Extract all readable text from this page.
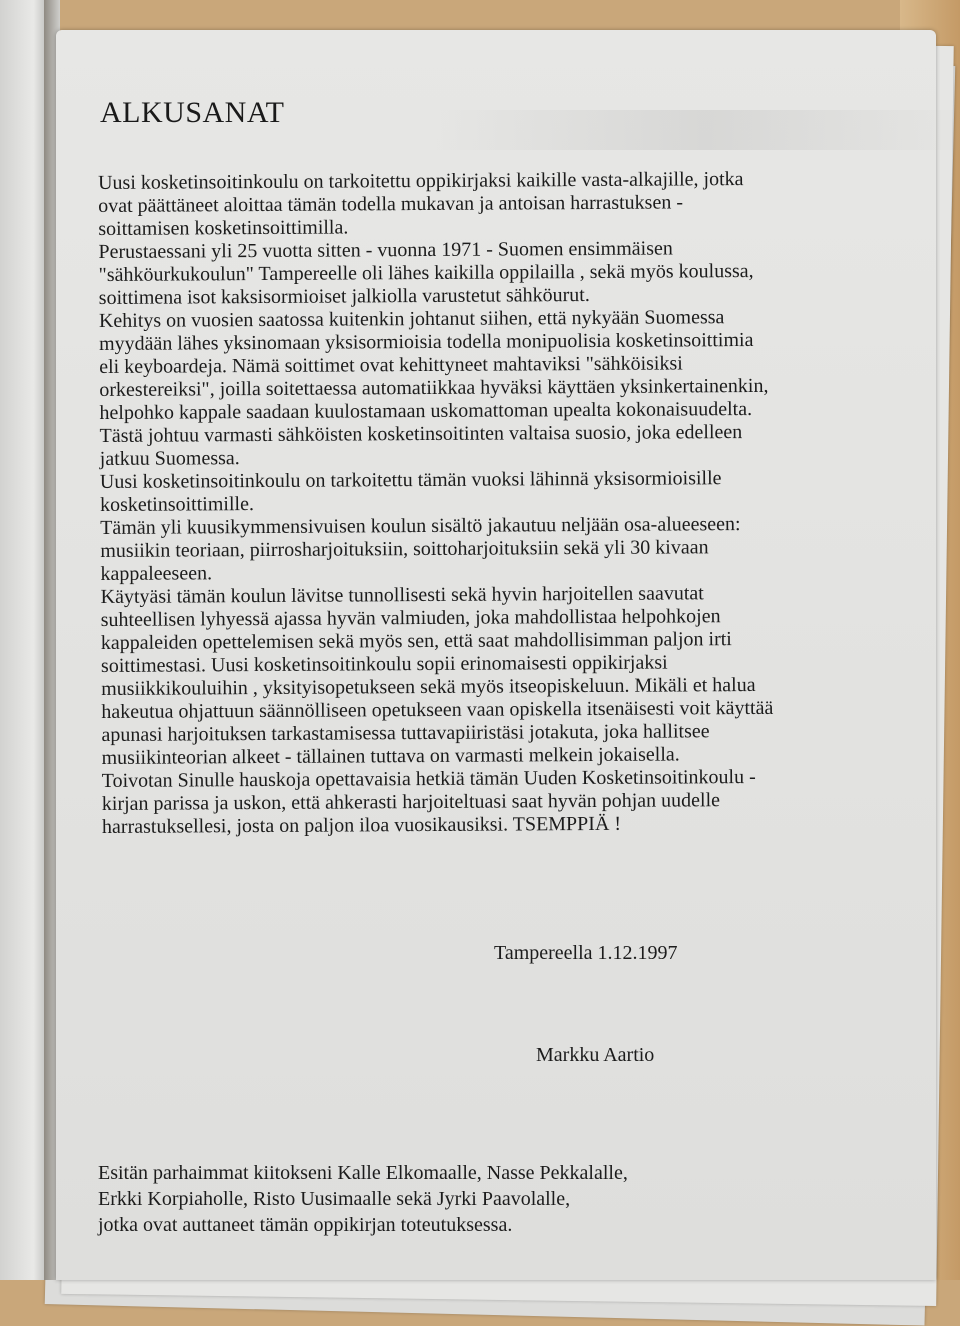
ALKUSANAT
Uusi kosketinsoitinkoulu on tarkoitettu oppikirjaksi kaikille vasta-alkajille, jotka
ovat päättäneet aloittaa tämän todella mukavan ja antoisan harrastuksen -
soittamisen kosketinsoittimilla.
Perustaessani yli 25 vuotta sitten - vuonna 1971 - Suomen ensimmäisen
"sähköurkukoulun" Tampereelle oli lähes kaikilla oppilailla , sekä myös koulussa,
soittimena isot kaksisormioiset jalkiolla varustetut sähköurut.
Kehitys on vuosien saatossa kuitenkin johtanut siihen, että nykyään Suomessa
myydään lähes yksinomaan yksisormioisia todella monipuolisia kosketinsoittimia
eli keyboardeja. Nämä soittimet ovat kehittyneet mahtaviksi "sähköisiksi
orkestereiksi", joilla soitettaessa automatiikkaa hyväksi käyttäen yksinkertainenkin,
helpohko kappale saadaan kuulostamaan uskomattoman upealta kokonaisuudelta.
Tästä johtuu varmasti sähköisten kosketinsoitinten valtaisa suosio, joka edelleen
jatkuu Suomessa.
Uusi kosketinsoitinkoulu on tarkoitettu tämän vuoksi lähinnä yksisormioisille
kosketinsoittimille.
Tämän yli kuusikymmensivuisen koulun sisältö jakautuu neljään osa-alueeseen:
musiikin teoriaan, piirrosharjoituksiin, soittoharjoituksiin sekä yli 30 kivaan
kappaleeseen.
Käytyäsi tämän koulun lävitse tunnollisesti sekä hyvin harjoitellen saavutat
suhteellisen lyhyessä ajassa hyvän valmiuden, joka mahdollistaa helpohkojen
kappaleiden opettelemisen sekä myös sen, että saat mahdollisimman paljon irti
soittimestasi. Uusi kosketinsoitinkoulu sopii erinomaisesti oppikirjaksi
musiikkikouluihin , yksityisopetukseen sekä myös itseopiskeluun. Mikäli et halua
hakeutua ohjattuun säännölliseen opetukseen vaan opiskella itsenäisesti voit käyttää
apunasi harjoituksen tarkastamisessa tuttavapiiristäsi jotakuta, joka hallitsee
musiikinteorian alkeet - tällainen tuttava on varmasti melkein jokaisella.
Toivotan Sinulle hauskoja opettavaisia hetkiä tämän Uuden Kosketinsoitinkoulu -
kirjan parissa ja uskon, että ahkerasti harjoiteltuasi saat hyvän pohjan uudelle
harrastuksellesi, josta on paljon iloa vuosikausiksi. TSEMPPIÄ !
Tampereella 1.12.1997
Markku Aartio
Esitän parhaimmat kiitokseni Kalle Elkomaalle, Nasse Pekkalalle,
Erkki Korpiaholle, Risto Uusimaalle sekä Jyrki Paavolalle,
jotka ovat auttaneet tämän oppikirjan toteutuksessa.
